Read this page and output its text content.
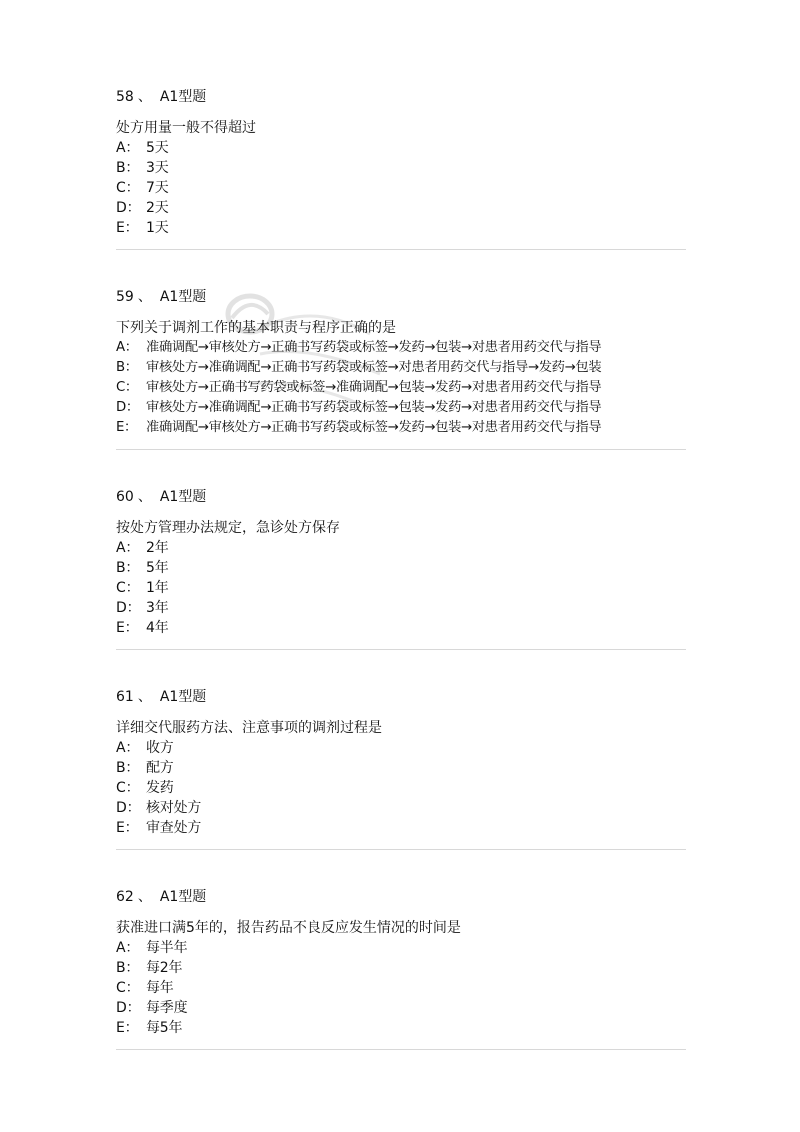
58 、 A1型题
处方用量一般不得超过
A： 5天
B： 3天
C： 7天
D： 2天
E： 1天
59 、 A1型题
下列关于调剂工作的基本职责与程序正确的是
A： 准确调配→审核处方→正确书写药袋或标签→发药→包装→对患者用药交代与指导
B： 审核处方→准确调配→正确书写药袋或标签→对患者用药交代与指导→发药→包装
C： 审核处方→正确书写药袋或标签→准确调配→包装→发药→对患者用药交代与指导
D： 审核处方→准确调配→正确书写药袋或标签→包装→发药→对患者用药交代与指导
E： 准确调配→审核处方→正确书写药袋或标签→发药→包装→对患者用药交代与指导
60 、 A1型题
按处方管理办法规定，急诊处方保存
A： 2年
B： 5年
C： 1年
D： 3年
E： 4年
61 、 A1型题
详细交代服药方法、注意事项的调剂过程是
A： 收方
B： 配方
C： 发药
D： 核对处方
E： 审查处方
62 、 A1型题
获准进口满5年的，报告药品不良反应发生情况的时间是
A： 每半年
B： 每2年
C： 每年
D： 每季度
E： 每5年
